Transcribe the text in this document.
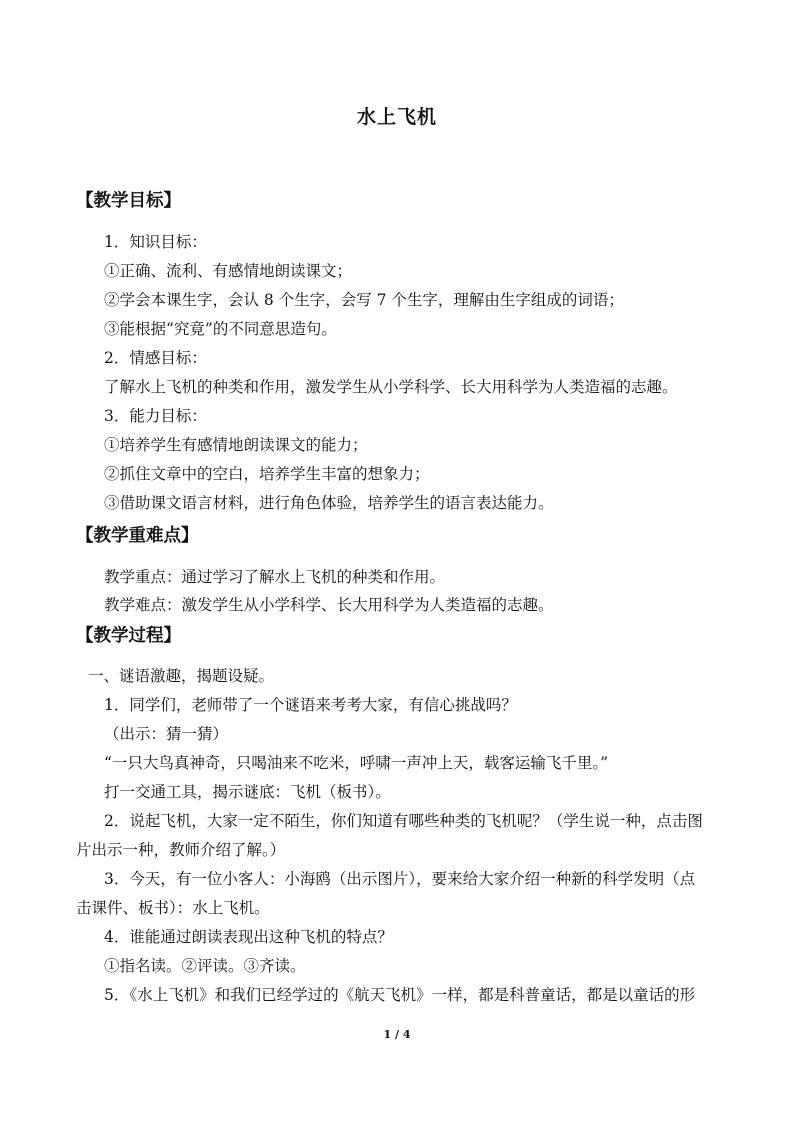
水上飞机
【教学目标】
1．知识目标：
①正确、流利、有感情地朗读课文；
②学会本课生字，会认 8 个生字，会写 7 个生字，理解由生字组成的词语；
③能根据“究竟”的不同意思造句。
2．情感目标：
了解水上飞机的种类和作用，激发学生从小学科学、长大用科学为人类造福的志趣。
3．能力目标：
①培养学生有感情地朗读课文的能力；
②抓住文章中的空白，培养学生丰富的想象力；
③借助课文语言材料，进行角色体验，培养学生的语言表达能力。
【教学重难点】
教学重点：通过学习了解水上飞机的种类和作用。
教学难点：激发学生从小学科学、长大用科学为人类造福的志趣。
【教学过程】
一、谜语激趣，揭题设疑。
1．同学们，老师带了一个谜语来考考大家，有信心挑战吗？
（出示：猜一猜）
“一只大鸟真神奇，只喝油来不吃米，呼啸一声冲上天，载客运输飞千里。”
打一交通工具，揭示谜底：飞机（板书）。
2．说起飞机，大家一定不陌生，你们知道有哪些种类的飞机呢？（学生说一种，点击图
片出示一种，教师介绍了解。）
3．今天，有一位小客人：小海鸥（出示图片），要来给大家介绍一种新的科学发明（点
击课件、板书）：水上飞机。
4．谁能通过朗读表现出这种飞机的特点？
①指名读。②评读。③齐读。
5．《水上飞机》和我们已经学过的《航天飞机》一样，都是科普童话，都是以童话的形
1 / 4
